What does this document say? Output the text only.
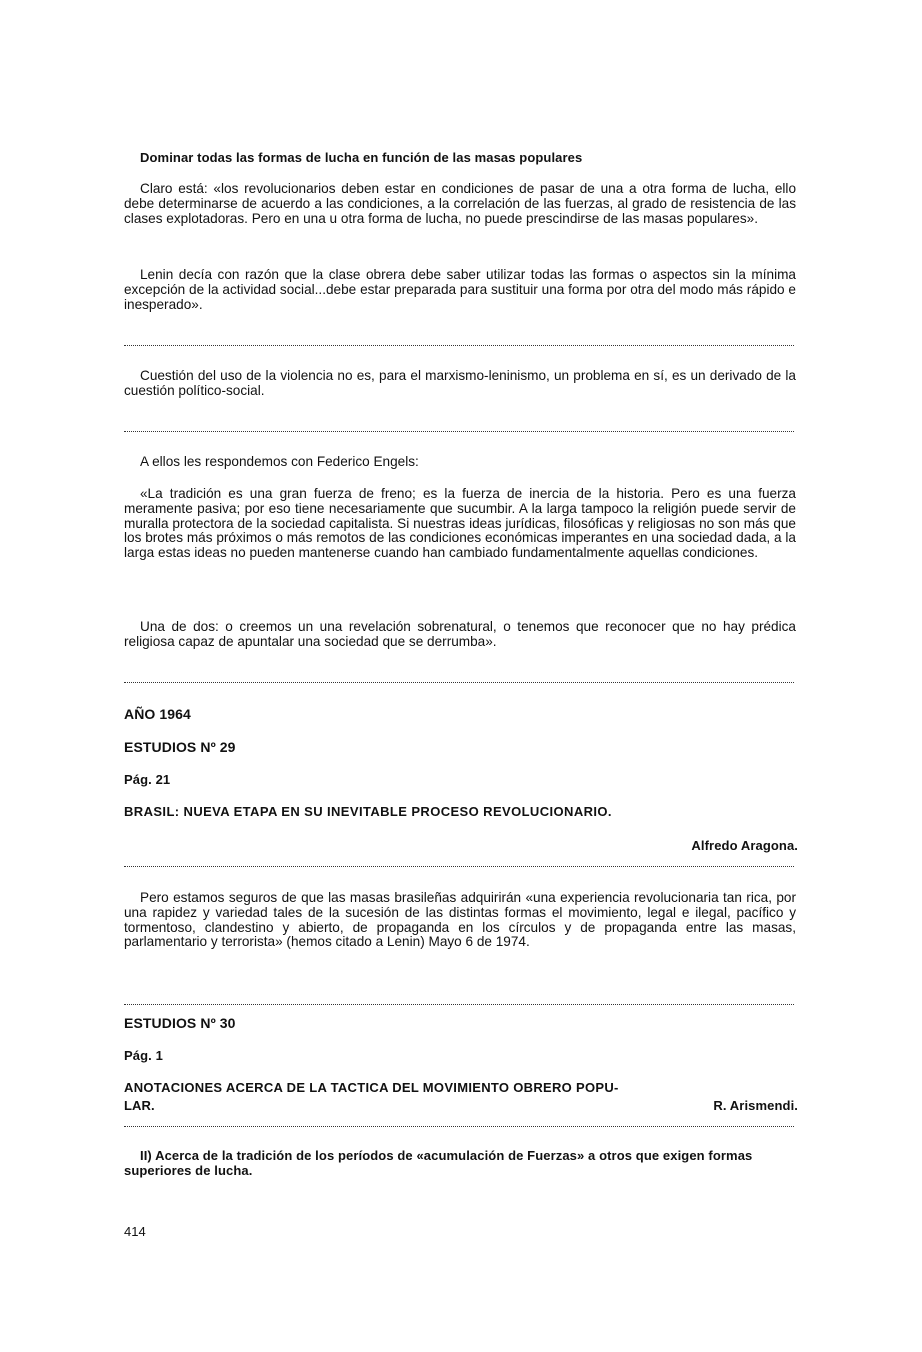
Dominar todas las formas de lucha en función de las masas populares
Claro está: «los revolucionarios deben estar en condiciones de pasar de una a otra forma de lucha, ello debe determinarse de acuerdo a las condiciones, a la correlación de las fuerzas, al grado de resistencia de las clases explotadoras. Pero en una u otra forma de lucha, no puede prescindirse de las masas populares».
Lenin decía con razón que la clase obrera debe saber utilizar todas las formas o aspectos sin la mínima excepción de la actividad social...debe estar preparada para sustituir una forma por otra del modo más rápido e inesperado».
Cuestión del uso de la violencia no es, para el marxismo-leninismo, un problema en sí, es un derivado de la cuestión político-social.
A ellos les respondemos con Federico Engels:
«La tradición es una gran fuerza de freno; es la fuerza de inercia de la historia. Pero es una fuerza meramente pasiva; por eso tiene necesariamente que sucumbir. A la larga tampoco la religión puede servir de muralla protectora de la sociedad capitalista. Si nuestras ideas jurídicas, filosóficas y religiosas no son más que los brotes más próximos o más remotos de las condiciones económicas imperantes en una sociedad dada, a la larga estas ideas no pueden mantenerse cuando han cambiado fundamentalmente aquellas condiciones.
Una de dos: o creemos un una revelación sobrenatural, o tenemos que reconocer que no hay prédica religiosa capaz de apuntalar una sociedad que se derrumba».
AÑO 1964
ESTUDIOS Nº 29
Pág. 21
BRASIL: NUEVA ETAPA EN SU INEVITABLE PROCESO REVOLUCIONARIO.
Alfredo Aragona.
Pero estamos seguros de que las masas brasileñas adquirirán «una experiencia revolucionaria tan rica, por una rapidez y variedad tales de la sucesión de las distintas formas el movimiento, legal e ilegal, pacífico y tormentoso, clandestino y abierto, de propaganda en los círculos y de propaganda entre las masas, parlamentario y terrorista» (hemos citado a Lenin) Mayo 6 de 1974.
ESTUDIOS Nº 30
Pág. 1
ANOTACIONES ACERCA DE LA TACTICA DEL MOVIMIENTO OBRERO POPU-
LAR.	R. Arismendi.
II) Acerca de la tradición de los períodos de «acumulación de Fuerzas» a otros que exigen formas superiores de lucha.
414
